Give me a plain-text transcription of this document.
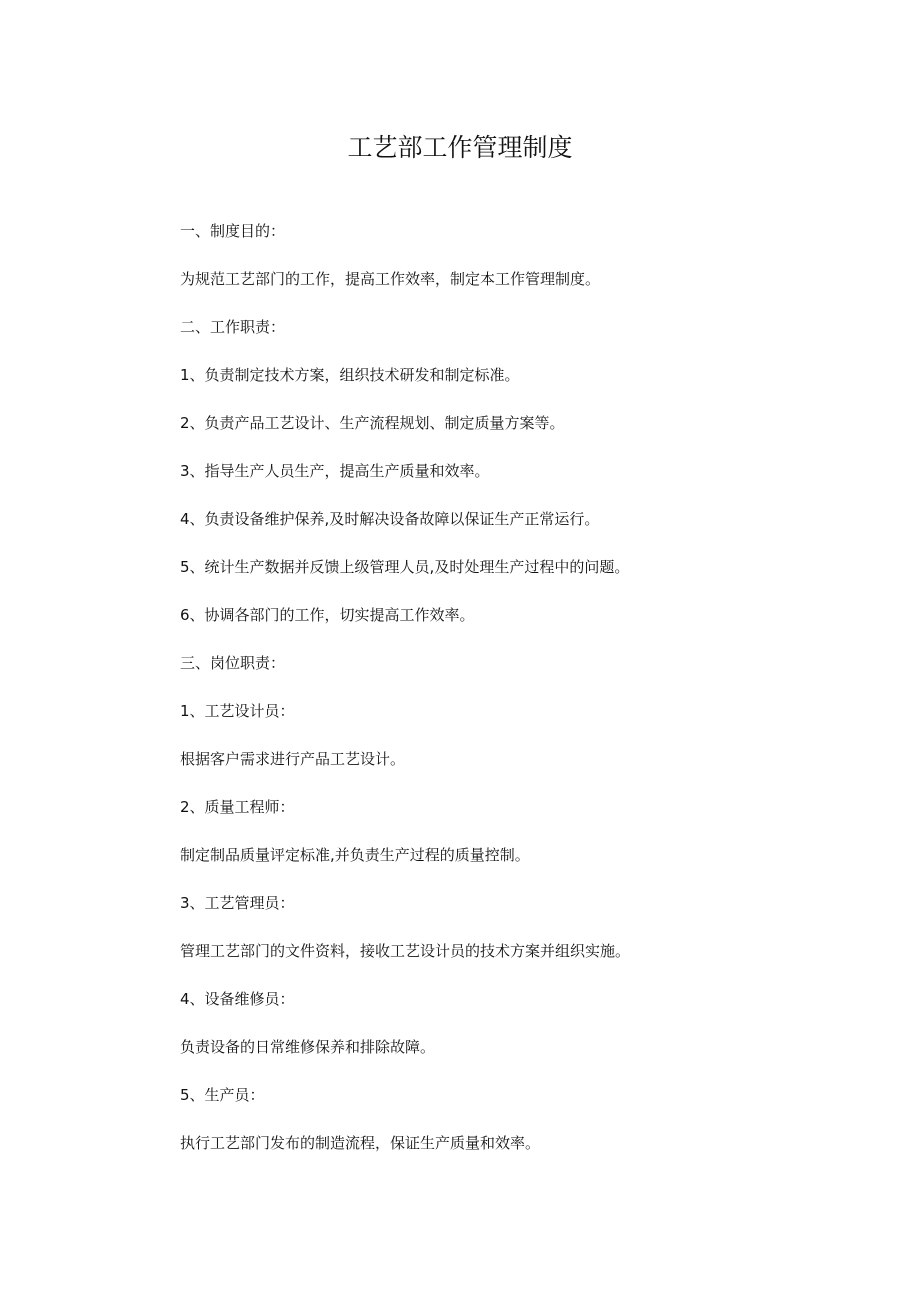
工艺部工作管理制度
一、制度目的：
为规范工艺部门的工作，提高工作效率，制定本工作管理制度。
二、工作职责：
1、负责制定技术方案，组织技术研发和制定标准。
2、负责产品工艺设计、生产流程规划、制定质量方案等。
3、指导生产人员生产，提高生产质量和效率。
4、负责设备维护保养,及时解决设备故障以保证生产正常运行。
5、统计生产数据并反馈上级管理人员,及时处理生产过程中的问题。
6、协调各部门的工作，切实提高工作效率。
三、岗位职责：
1、工艺设计员：
根据客户需求进行产品工艺设计。
2、质量工程师：
制定制品质量评定标准,并负责生产过程的质量控制。
3、工艺管理员：
管理工艺部门的文件资料，接收工艺设计员的技术方案并组织实施。
4、设备维修员：
负责设备的日常维修保养和排除故障。
5、生产员：
执行工艺部门发布的制造流程，保证生产质量和效率。
